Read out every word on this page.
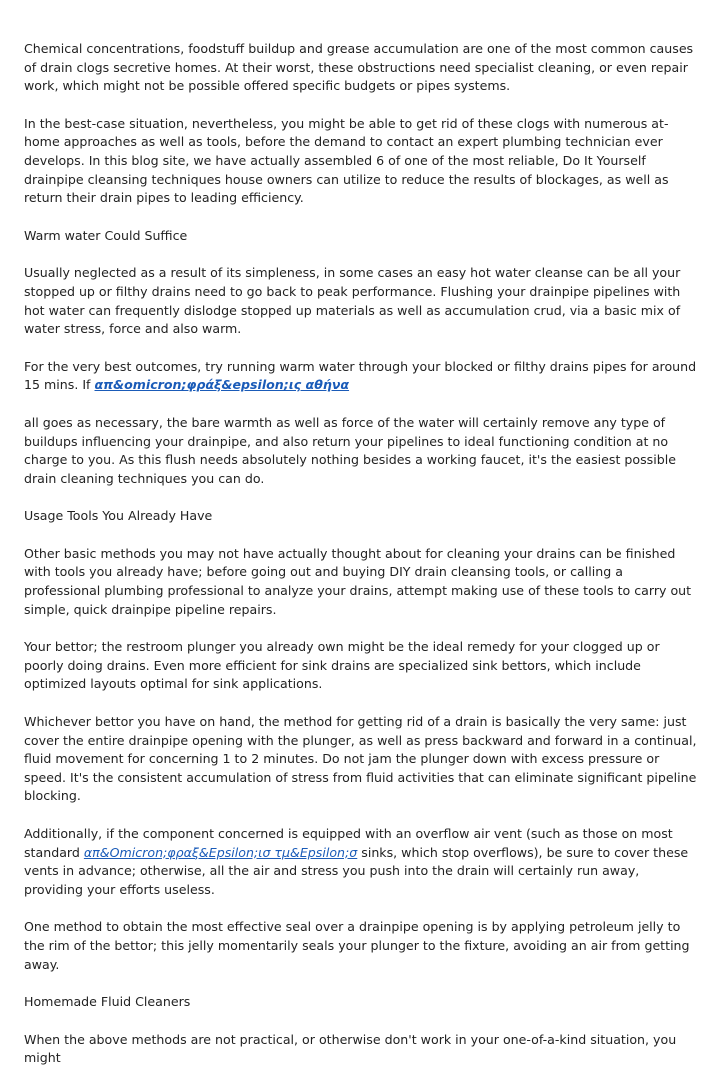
Chemical concentrations, foodstuff buildup and grease accumulation are one of the most common causes of drain clogs secretive homes. At their worst, these obstructions need specialist cleaning, or even repair work, which might not be possible offered specific budgets or pipes systems.

In the best-case situation, nevertheless, you might be able to get rid of these clogs with numerous at-home approaches as well as tools, before the demand to contact an expert plumbing technician ever develops. In this blog site, we have actually assembled 6 of one of the most reliable, Do It Yourself drainpipe cleansing techniques house owners can utilize to reduce the results of blockages, as well as return their drain pipes to leading efficiency.

Warm water Could Suffice

Usually neglected as a result of its simpleness, in some cases an easy hot water cleanse can be all your stopped up or filthy drains need to go back to peak performance. Flushing your drainpipe pipelines with hot water can frequently dislodge stopped up materials as well as accumulation crud, via a basic mix of water stress, force and also warm.

For the very best outcomes, try running warm water through your blocked or filthy drains pipes for around 15 mins. If απ&omicron;φράξ&epsilon;ις αθήνα

all goes as necessary, the bare warmth as well as force of the water will certainly remove any type of buildups influencing your drainpipe, and also return your pipelines to ideal functioning condition at no charge to you. As this flush needs absolutely nothing besides a working faucet, it's the easiest possible drain cleaning techniques you can do.

Usage Tools You Already Have

Other basic methods you may not have actually thought about for cleaning your drains can be finished with tools you already have; before going out and buying DIY drain cleansing tools, or calling a professional plumbing professional to analyze your drains, attempt making use of these tools to carry out simple, quick drainpipe pipeline repairs.

Your bettor; the restroom plunger you already own might be the ideal remedy for your clogged up or poorly doing drains. Even more efficient for sink drains are specialized sink bettors, which include optimized layouts optimal for sink applications.

Whichever bettor you have on hand, the method for getting rid of a drain is basically the very same: just cover the entire drainpipe opening with the plunger, as well as press backward and forward in a continual, fluid movement for concerning 1 to 2 minutes. Do not jam the plunger down with excess pressure or speed. It's the consistent accumulation of stress from fluid activities that can eliminate significant pipeline blocking.

Additionally, if the component concerned is equipped with an overflow air vent (such as those on most standard απ&Omicron;φραξ&Epsilon;ισ τμ&Epsilon;σ sinks, which stop overflows), be sure to cover these vents in advance; otherwise, all the air and stress you push into the drain will certainly run away, providing your efforts useless.

One method to obtain the most effective seal over a drainpipe opening is by applying petroleum jelly to the rim of the bettor; this jelly momentarily seals your plunger to the fixture, avoiding an air from getting away.

Homemade Fluid Cleaners

When the above methods are not practical, or otherwise don't work in your one-of-a-kind situation, you might
